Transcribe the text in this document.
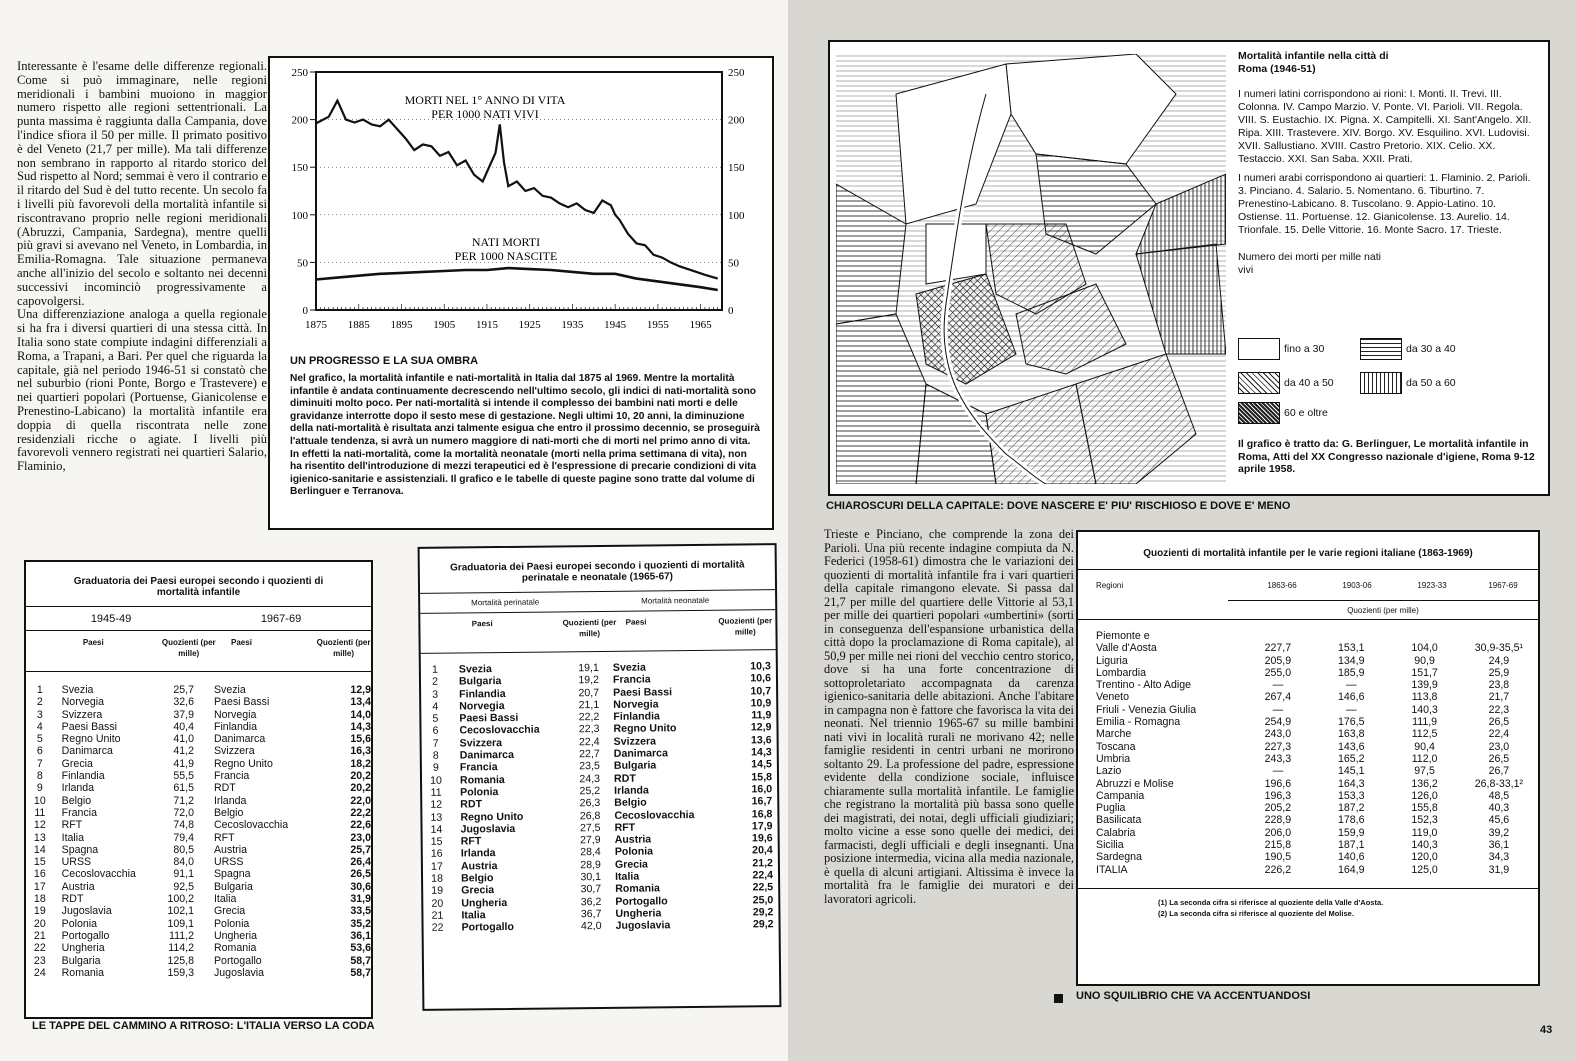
Interessante è l'esame delle differenze regionali. Come si può immaginare, nelle regioni meridionali i bambini muoiono in maggior numero rispetto alle regioni settentrionali. La punta massima è raggiunta dalla Campania, dove l'indice sfiora il 50 per mille. Il primato positivo è del Veneto (21,7 per mille). Ma tali differenze non sembrano in rapporto al ritardo storico del Sud rispetto al Nord; semmai è vero il contrario e il ritardo del Sud è del tutto recente. Un secolo fa i livelli più favorevoli della mortalità infantile si riscontravano proprio nelle regioni meridionali (Abruzzi, Campania, Sardegna), mentre quelli più gravi si avevano nel Veneto, in Lombardia, in Emilia-Romagna. Tale situazione permaneva anche all'inizio del secolo e soltanto nei decenni successivi incominciò progressivamente a capovolgersi.

Una differenziazione analoga a quella regionale si ha fra i diversi quartieri di una stessa città. In Italia sono state compiute indagini differenziali a Roma, a Trapani, a Bari. Per quel che riguarda la capitale, già nel periodo 1946-51 si constatò che nel suburbio (rioni Ponte, Borgo e Trastevere) e nei quartieri popolari (Portuense, Gianicolense e Prenestino-Labicano) la mortalità infantile era doppia di quella riscontrata nelle zone residenziali ricche o agiate. I livelli più favorevoli vennero registrati nei quartieri Salario, Flaminio,

250	250
200	200
150	150
100	100
50	50
0	0
1875 1885 1895 1905 1915 1925 1935 1945 1955 1965
MORTI NEL 1° ANNO DI VITA
PER 1000 NATI VIVI
NATI MORTI
PER 1000 NASCITE
UN PROGRESSO E LA SUA OMBRA
Nel grafico, la mortalità infantile e nati-mortalità in Italia dal 1875 al 1969. Mentre la mortalità infantile è andata continuamente decrescendo nell'ultimo secolo, gli indici di nati-mortalità sono diminuiti molto poco. Per nati-mortalità si intende il complesso dei bambini nati morti e delle gravidanze interrotte dopo il sesto mese di gestazione. Negli ultimi 10, 20 anni, la diminuzione della nati-mortalità è risultata anzi talmente esigua che entro il prossimo decennio, se proseguirà l'attuale tendenza, si avrà un numero maggiore di nati-morti che di morti nel primo anno di vita. In effetti la nati-mortalità, come la mortalità neonatale (morti nella prima settimana di vita), non ha risentito dell'introduzione di mezzi terapeutici ed è l'espressione di precarie condizioni di vita igienico-sanitarie e assistenziali. Il grafico e le tabelle di queste pagine sono tratte dal volume di Berlinguer e Terranova.
Graduatoria dei Paesi europei secondo i quozienti di mortalità infantile
1945-49	1967-69
Paesi	Quozienti (per mille)
Paesi	Quozienti (per mille)
1	Svezia	25,7	Svezia	12,9
2	Norvegia	32,6	Paesi Bassi	13,4
3	Svizzera	37,9	Norvegia	14,0
4	Paesi Bassi	40,4	Finlandia	14,3
5	Regno Unito	41,0	Danimarca	15,6
6	Danimarca	41,2	Svizzera	16,3
7	Grecia	41,9	Regno Unito	18,2
8	Finlandia	55,5	Francia	20,2
9	Irlanda	61,5	RDT	20,2
10	Belgio	71,2	Irlanda	22,0
11	Francia	72,0	Belgio	22,2
12	RFT	74,8	Cecoslovacchia	22,6
13	Italia	79,4	RFT	23,0
14	Spagna	80,5	Austria	25,7
15	URSS	84,0	URSS	26,4
16	Cecoslovacchia	91,1	Spagna	26,5
17	Austria	92,5	Bulgaria	30,6
18	RDT	100,2	Italia	31,9
19	Jugoslavia	102,1	Grecia	33,5
20	Polonia	109,1	Polonia	35,2
21	Portogallo	111,2	Ungheria	36,1
22	Ungheria	114,2	Romania	53,6
23	Bulgaria	125,8	Portogallo	58,7
24	Romania	159,3	Jugoslavia	58,7
Graduatoria dei Paesi europei secondo i quozienti di mortalità perinatale e neonatale (1965-67)
Mortalità perinatale	Mortalità neonatale
Paesi	Quozienti (per mille)
Paesi	Quozienti (per mille)
1	Svezia	19,1	Svezia	10,3
2	Bulgaria	19,2	Francia	10,6
3	Finlandia	20,7	Paesi Bassi	10,7
4	Norvegia	21,1	Norvegia	10,9
5	Paesi Bassi	22,2	Finlandia	11,9
6	Cecoslovacchia	22,3	Regno Unito	12,9
7	Svizzera	22,4	Svizzera	13,6
8	Danimarca	22,7	Danimarca	14,3
9	Francia	23,5	Bulgaria	14,5
10	Romania	24,3	RDT	15,8
11	Polonia	25,2	Irlanda	16,0
12	RDT	26,3	Belgio	16,7
13	Regno Unito	26,8	Cecoslovacchia	16,8
14	Jugoslavia	27,5	RFT	17,9
15	RFT	27,9	Austria	19,6
16	Irlanda	28,4	Polonia	20,4
17	Austria	28,9	Grecia	21,2
18	Belgio	30,1	Italia	22,4
19	Grecia	30,7	Romania	22,5
20	Ungheria	36,2	Portogallo	25,0
21	Italia	36,7	Ungheria	29,2
22	Portogallo	42,0	Jugoslavia	29,2
LE TAPPE DEL CAMMINO A RITROSO: L'ITALIA VERSO LA CODA
Mortalità infantile nella città di Roma (1946-51)
I numeri latini corrispondono ai rioni: I. Monti. II. Trevi. III. Colonna. IV. Campo Marzio. V. Ponte. VI. Parioli. VII. Regola. VIII. S. Eustachio. IX. Pigna. X. Campitelli. XI. Sant'Angelo. XII. Ripa. XIII. Trastevere. XIV. Borgo. XV. Esquilino. XVI. Ludovisi. XVII. Sallustiano. XVIII. Castro Pretorio. XIX. Celio. XX. Testaccio. XXI. San Saba. XXII. Prati.
I numeri arabi corrispondono ai quartieri: 1. Flaminio. 2. Parioli. 3. Pinciano. 4. Salario. 5. Nomentano. 6. Tiburtino. 7. Prenestino-Labicano. 8. Tuscolano. 9. Appio-Latino. 10. Ostiense. 11. Portuense. 12. Gianicolense. 13. Aurelio. 14. Trionfale. 15. Delle Vittorie. 16. Monte Sacro. 17. Trieste.
Numero dei morti per mille nati vivi
fino a 30	da 30 a 40
da 40 a 50	da 50 a 60
60 e oltre
Il grafico è tratto da: G. Berlinguer, Le mortalità infantile in Roma, Atti del XX Congresso nazionale d'igiene, Roma 9-12 aprile 1958.
CHIAROSCURI DELLA CAPITALE: DOVE NASCERE E' PIU' RISCHIOSO E DOVE E' MENO

Trieste e Pinciano, che comprende la zona dei Parioli. Una più recente indagine compiuta da N. Federici (1958-61) dimostra che le variazioni dei quozienti di mortalità infantile fra i vari quartieri della capitale rimangono elevate. Si passa dal 21,7 per mille del quartiere delle Vittorie al 53,1 per mille dei quartieri popolari «umbertini» (sorti in conseguenza dell'espansione urbanistica della città dopo la proclamazione di Roma capitale), al 50,9 per mille nei rioni del vecchio centro storico, dove si ha una forte concentrazione di sottoproletariato accompagnata da carenza igienico-sanitaria delle abitazioni. Anche l'abitare in campagna non è fattore che favorisca la vita dei neonati. Nel triennio 1965-67 su mille bambini nati vivi in località rurali ne morivano 42; nelle famiglie residenti in centri urbani ne morirono soltanto 29. La professione del padre, espressione evidente della condizione sociale, influisce chiaramente sulla mortalità infantile. Le famiglie che registrano la mortalità più bassa sono quelle dei magistrati, dei notai, degli ufficiali giudiziari; molto vicine a esse sono quelle dei medici, dei farmacisti, degli ufficiali e degli insegnanti. Una posizione intermedia, vicina alla media nazionale, è quella di alcuni artigiani. Altissima è invece la mortalità fra le famiglie dei muratori e dei lavoratori agricoli.

Quozienti di mortalità infantile per le varie regioni italiane (1863-1969)
Regioni	1863-66	1903-06	1923-33	1967-69
Quozienti (per mille)
Piemonte e
Valle d'Aosta	227,7	153,1	104,0	30,9-35,5¹
Liguria	205,9	134,9	90,9	24,9
Lombardia	255,0	185,9	151,7	25,9
Trentino - Alto Adige	—	—	139,9	23,8
Veneto	267,4	146,6	113,8	21,7
Friuli - Venezia Giulia	—	—	140,3	22,3
Emilia - Romagna	254,9	176,5	111,9	26,5
Marche	243,0	163,8	112,5	22,4
Toscana	227,3	143,6	90,4	23,0
Umbria	243,3	165,2	112,0	26,5
Lazio	—	145,1	97,5	26,7
Abruzzi e Molise	196,6	164,3	136,2	26,8-33,1²
Campania	196,3	153,3	126,0	48,5
Puglia	205,2	187,2	155,8	40,3
Basilicata	228,9	178,6	152,3	45,6
Calabria	206,0	159,9	119,0	39,2
Sicilia	215,8	187,1	140,3	36,1
Sardegna	190,5	140,6	120,0	34,3
ITALIA	226,2	164,9	125,0	31,9
(1) La seconda cifra si riferisce al quoziente della Valle d'Aosta.
(2) La seconda cifra si riferisce al quoziente del Molise.
UNO SQUILIBRIO CHE VA ACCENTUANDOSI
43
